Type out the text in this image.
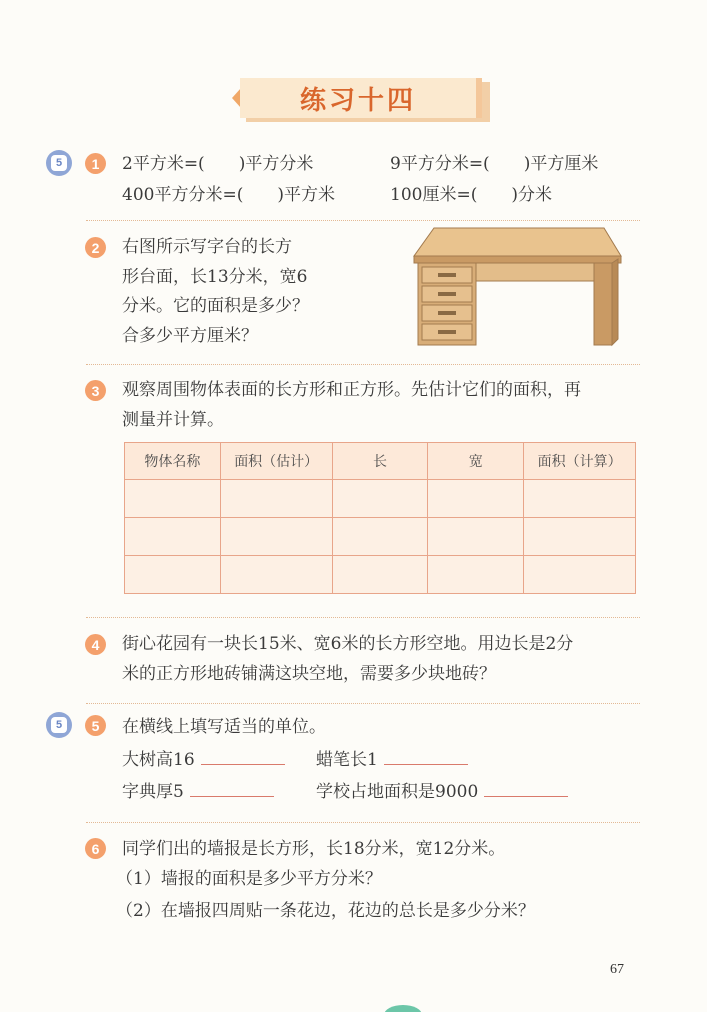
练习十四
5	1	2平方米=(　　)平方分米	9平方分米=(　　)平方厘米
400平方分米=(　　)平方米	100厘米=(　　)分米
2	右图所示写字台的长方
形台面，长13分米，宽6
分米。它的面积是多少？
合多少平方厘米？
3	观察周围物体表面的长方形和正方形。先估计它们的面积，再
测量并计算。
物体名称	面积（估计）	长	宽	面积（计算）

4	街心花园有一块长15米、宽6米的长方形空地。用边长是2分
米的正方形地砖铺满这块空地，需要多少块地砖？
5	5	在横线上填写适当的单位。
大树高16	蜡笔长1
字典厚5	学校占地面积是9000
6	同学们出的墙报是长方形，长18分米，宽12分米。
（1）墙报的面积是多少平方分米？
（2）在墙报四周贴一条花边，花边的总长是多少分米？
67
